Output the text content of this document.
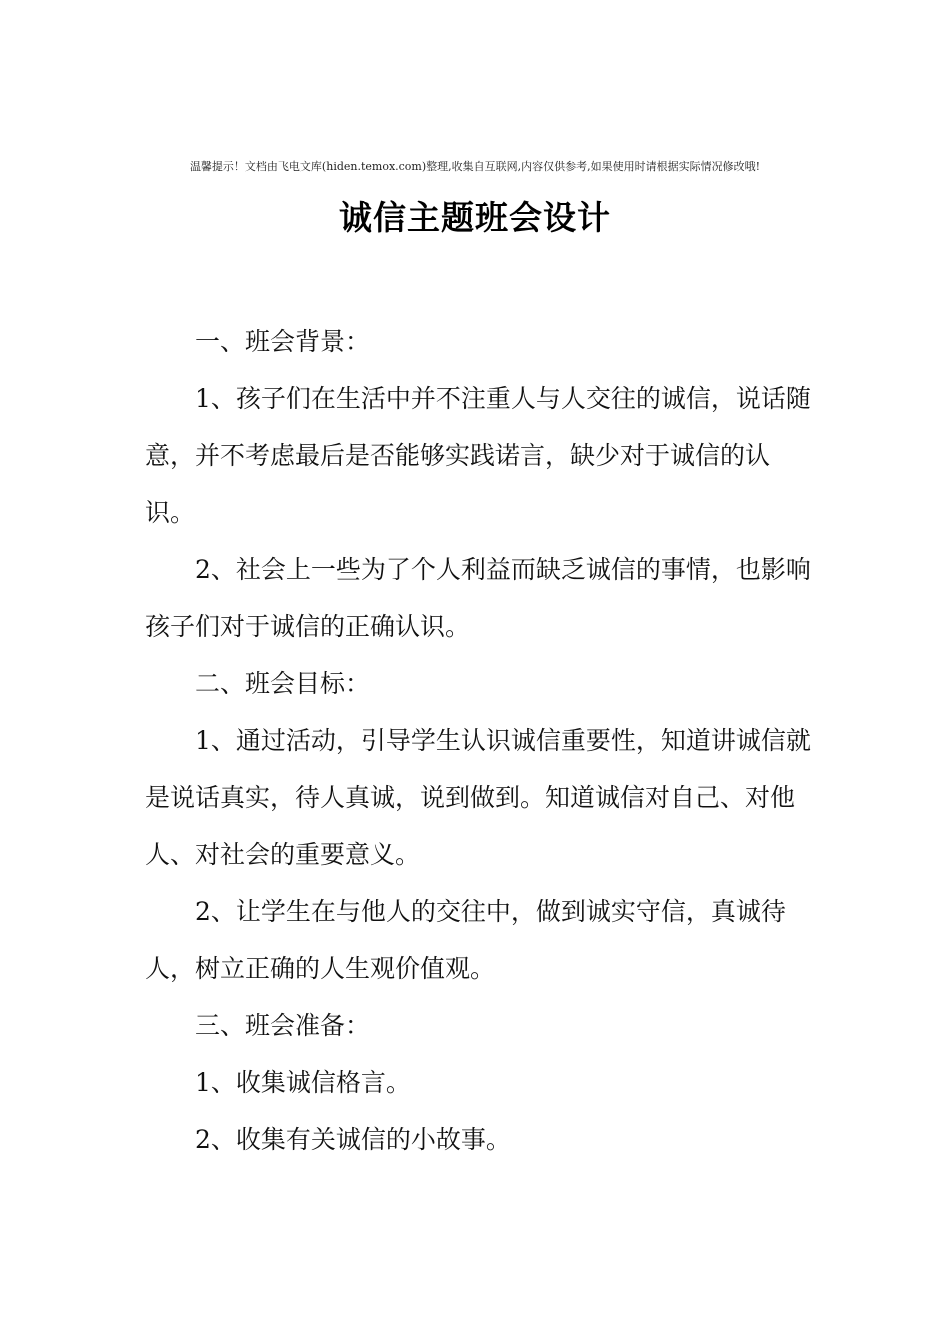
温馨提示！文档由飞电文库(hiden.temox.com)整理,收集自互联网,内容仅供参考,如果使用时请根据实际情况修改哦!
诚信主题班会设计

一、班会背景：

1、孩子们在生活中并不注重人与人交往的诚信，说话随意，并不考虑最后是否能够实践诺言，缺少对于诚信的认识。

2、社会上一些为了个人利益而缺乏诚信的事情，也影响孩子们对于诚信的正确认识。

二、班会目标：

1、通过活动，引导学生认识诚信重要性，知道讲诚信就是说话真实，待人真诚，说到做到。知道诚信对自己、对他人、对社会的重要意义。

2、让学生在与他人的交往中，做到诚实守信，真诚待人，树立正确的人生观价值观。

三、班会准备：

1、收集诚信格言。

2、收集有关诚信的小故事。
